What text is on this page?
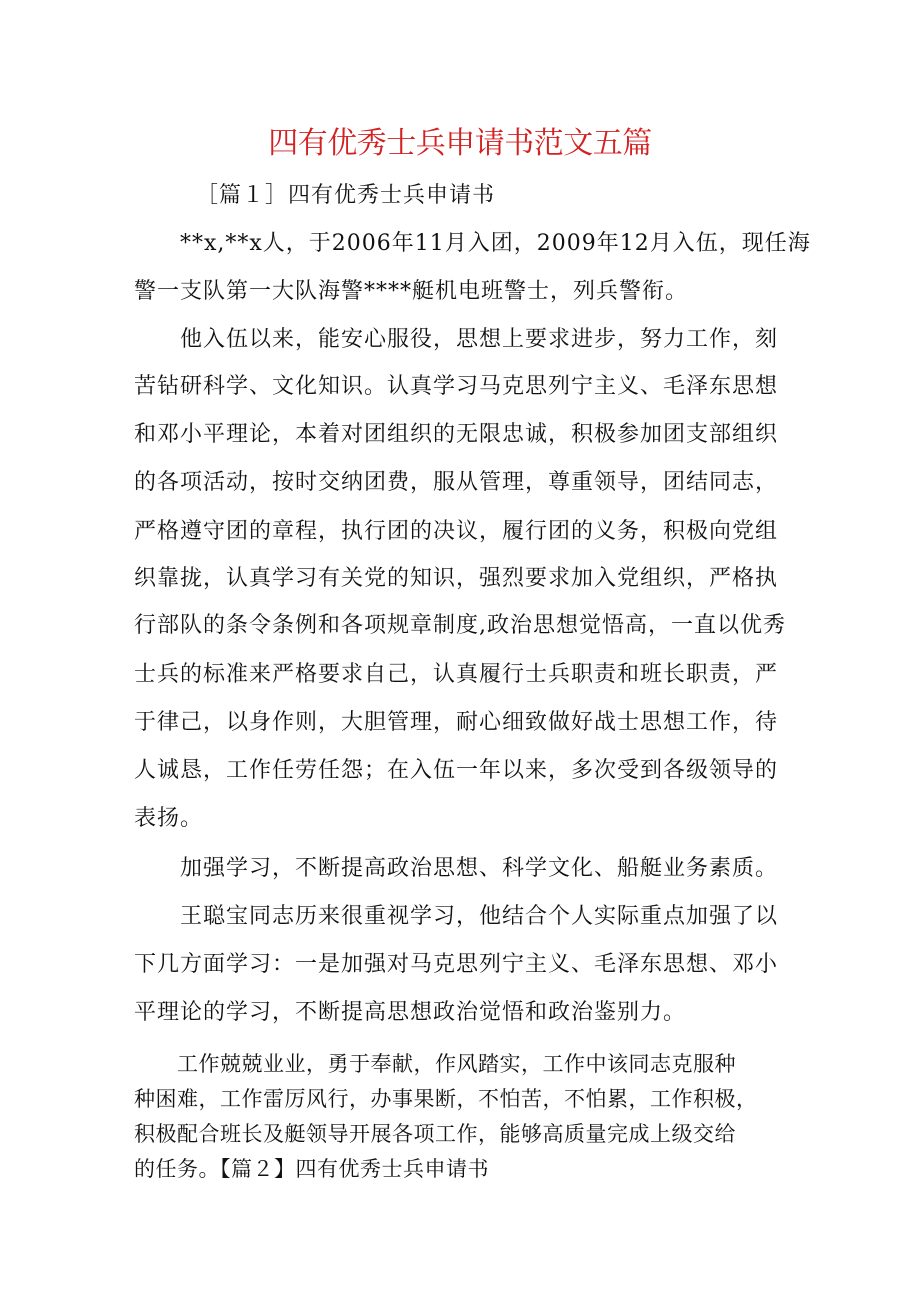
四有优秀士兵申请书范文五篇
［篇１］四有优秀士兵申请书
　　**x,**x人，于2006年11月入团，2009年12月入伍，现任海
警一支队第一大队海警****艇机电班警士，列兵警衔。
　　他入伍以来，能安心服役，思想上要求进步，努力工作，刻
苦钻研科学、文化知识。认真学习马克思列宁主义、毛泽东思想
和邓小平理论，本着对团组织的无限忠诚，积极参加团支部组织
的各项活动，按时交纳团费，服从管理，尊重领导，团结同志，
严格遵守团的章程，执行团的决议，履行团的义务，积极向党组
织靠拢，认真学习有关党的知识，强烈要求加入党组织，严格执
行部队的条令条例和各项规章制度,政治思想觉悟高，一直以优秀
士兵的标准来严格要求自己，认真履行士兵职责和班长职责，严
于律己，以身作则，大胆管理，耐心细致做好战士思想工作，待
人诚恳，工作任劳任怨；在入伍一年以来，多次受到各级领导的
表扬。
　　加强学习，不断提高政治思想、科学文化、船艇业务素质。
　　王聪宝同志历来很重视学习，他结合个人实际重点加强了以
下几方面学习：一是加强对马克思列宁主义、毛泽东思想、邓小
平理论的学习，不断提高思想政治觉悟和政治鉴别力。
　　工作兢兢业业，勇于奉献，作风踏实，工作中该同志克服种
种困难，工作雷厉风行，办事果断，不怕苦，不怕累，工作积极，
积极配合班长及艇领导开展各项工作，能够高质量完成上级交给
的任务。【篇２】四有优秀士兵申请书
